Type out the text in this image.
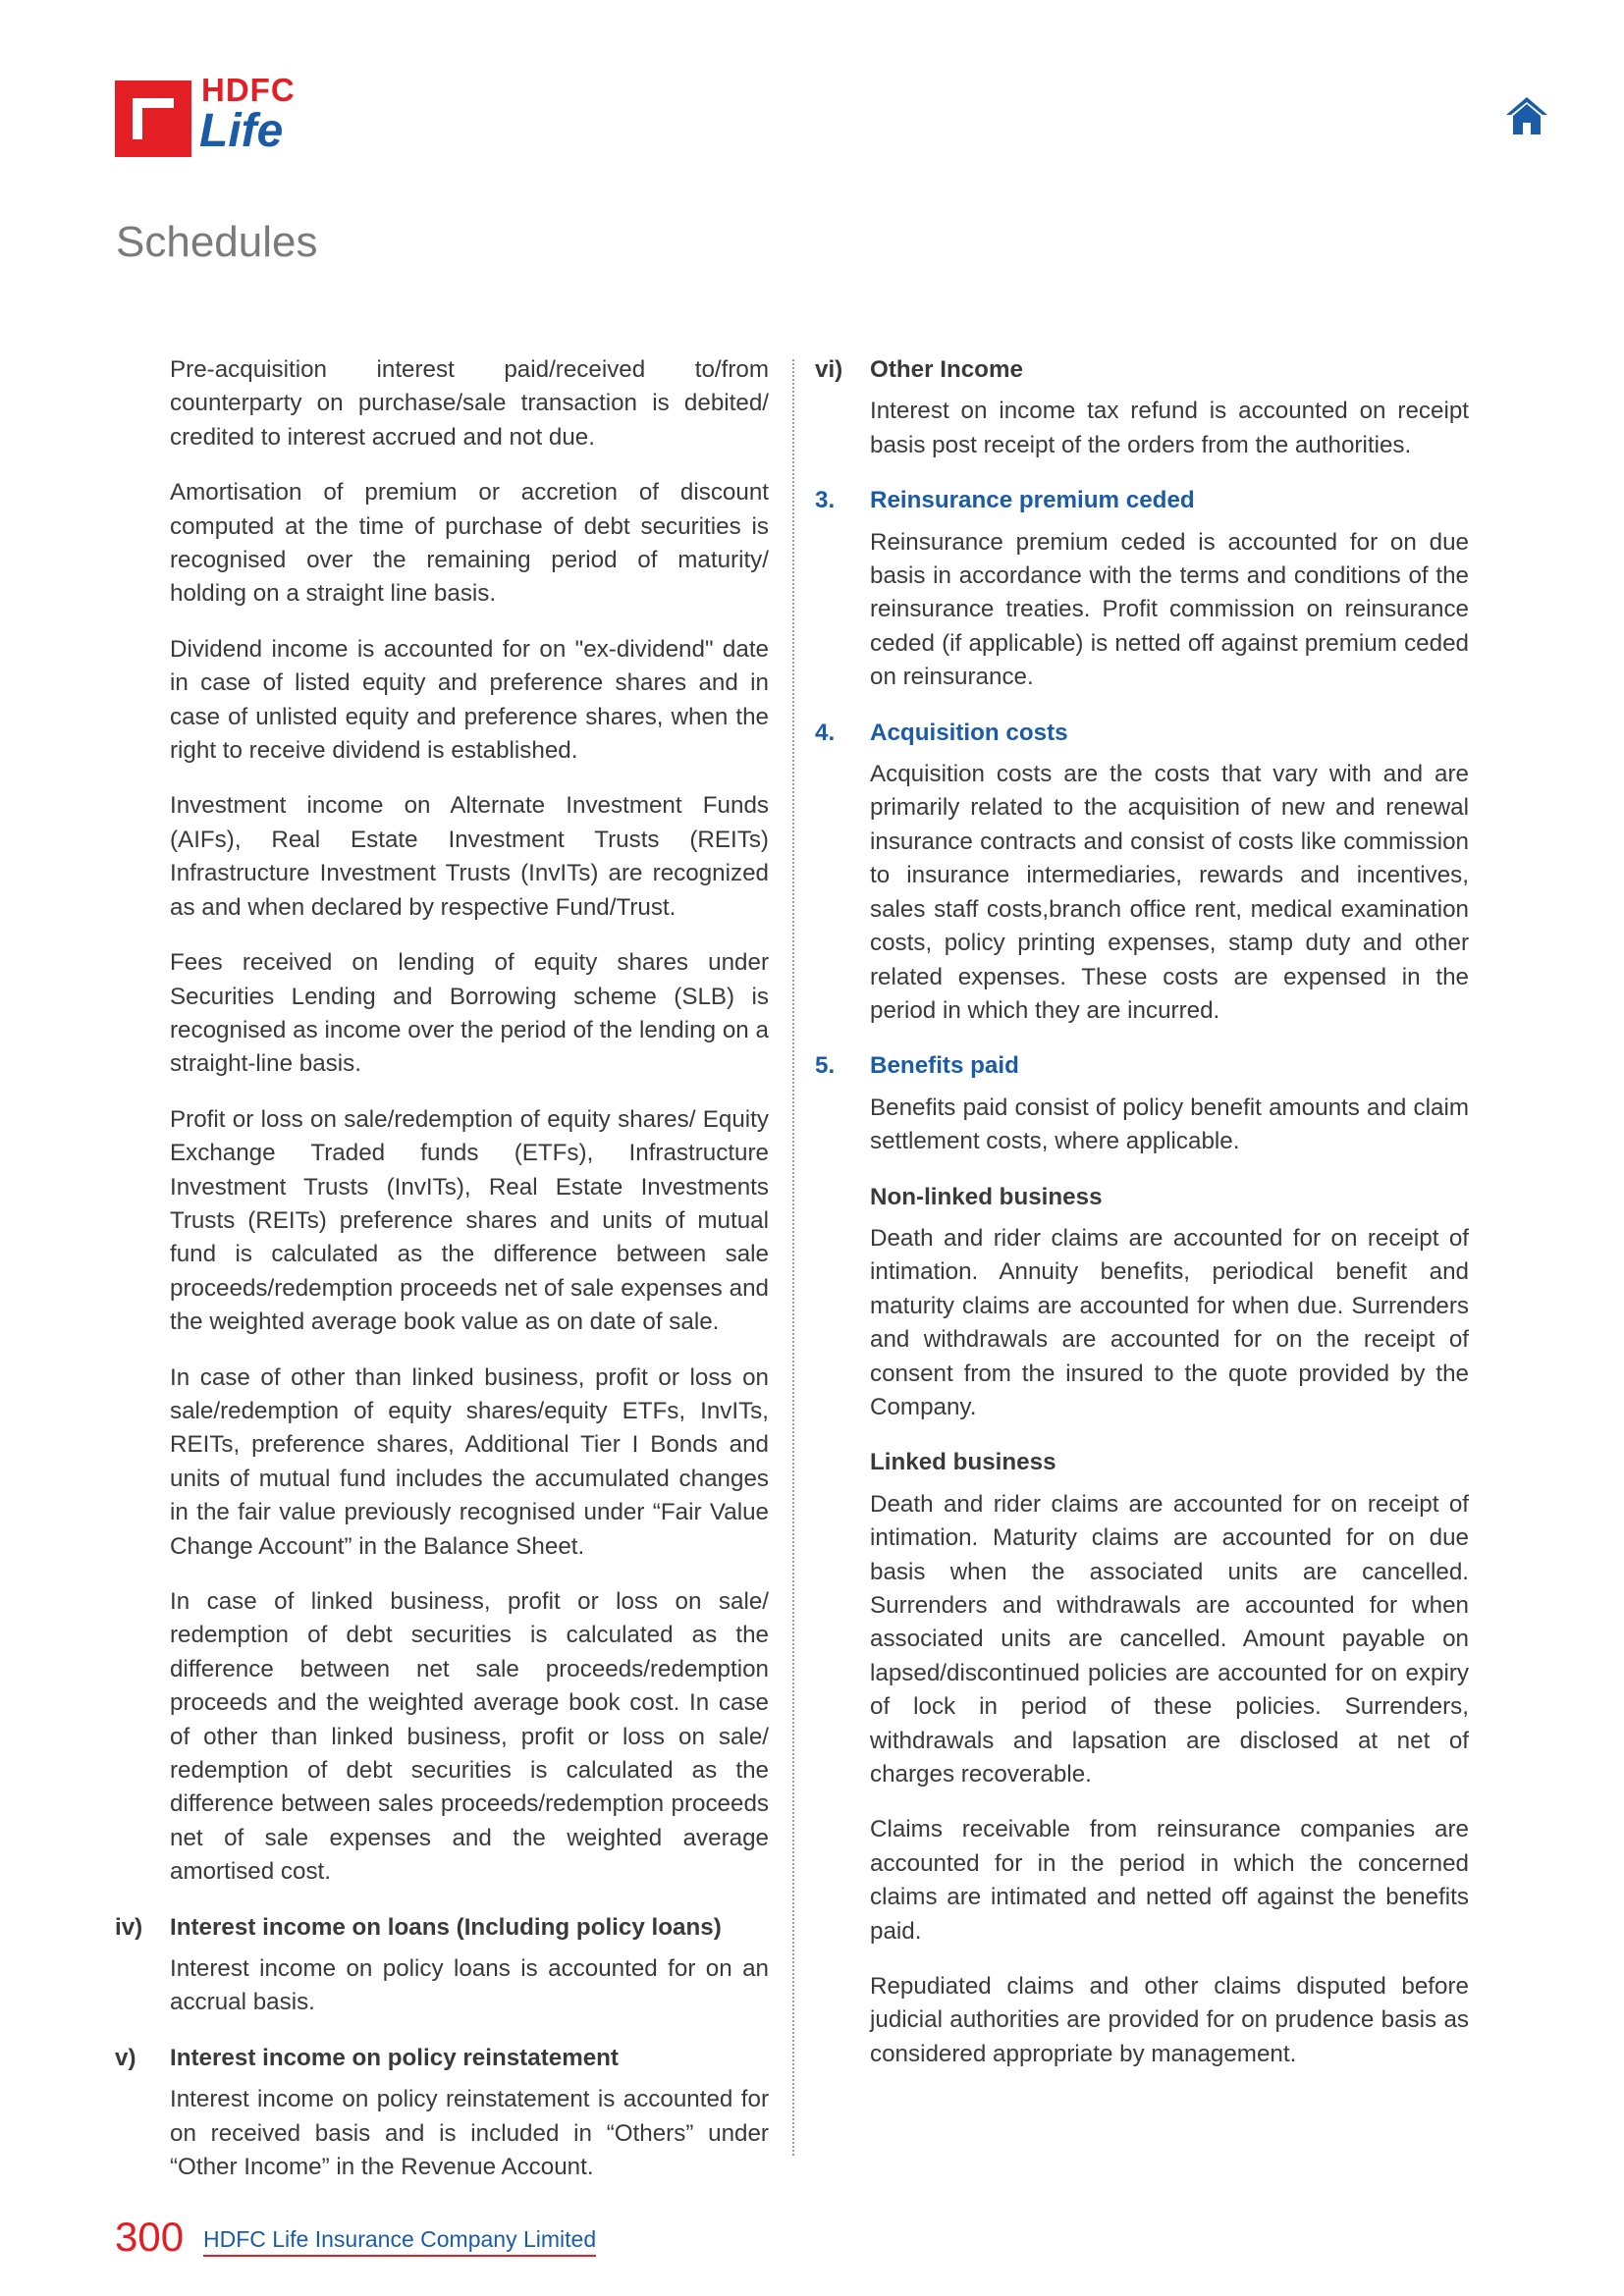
HDFC
Life
Schedules

Pre-acquisition interest paid/received to/from counterparty on purchase/sale transaction is debited/ credited to interest accrued and not due.

Amortisation of premium or accretion of discount computed at the time of purchase of debt securities is recognised over the remaining period of maturity/ holding on a straight line basis.

Dividend income is accounted for on "ex-dividend" date in case of listed equity and preference shares and in case of unlisted equity and preference shares, when the right to receive dividend is established.

Investment income on Alternate Investment Funds (AIFs), Real Estate Investment Trusts (REITs) Infrastructure Investment Trusts (InvITs) are recognized as and when declared by respective Fund/Trust.

Fees received on lending of equity shares under Securities Lending and Borrowing scheme (SLB) is recognised as income over the period of the lending on a straight-line basis.

Profit or loss on sale/redemption of equity shares/ Equity Exchange Traded funds (ETFs), Infrastructure Investment Trusts (InvITs), Real Estate Investments Trusts (REITs) preference shares and units of mutual fund is calculated as the difference between sale proceeds/redemption proceeds net of sale expenses and the weighted average book value as on date of sale.

In case of other than linked business, profit or loss on sale/redemption of equity shares/equity ETFs, InvITs, REITs, preference shares, Additional Tier I Bonds and units of mutual fund includes the accumulated changes in the fair value previously recognised under “Fair Value Change Account” in the Balance Sheet.

In case of linked business, profit or loss on sale/ redemption of debt securities is calculated as the difference between net sale proceeds/redemption proceeds and the weighted average book cost. In case of other than linked business, profit or loss on sale/ redemption of debt securities is calculated as the difference between sales proceeds/redemption proceeds net of sale expenses and the weighted average amortised cost.

iv) Interest income on loans (Including policy loans)

Interest income on policy loans is accounted for on an accrual basis.

v) Interest income on policy reinstatement

Interest income on policy reinstatement is accounted for on received basis and is included in “Others” under “Other Income” in the Revenue Account.

vi) Other Income

Interest on income tax refund is accounted on receipt basis post receipt of the orders from the authorities.

3. Reinsurance premium ceded

Reinsurance premium ceded is accounted for on due basis in accordance with the terms and conditions of the reinsurance treaties. Profit commission on reinsurance ceded (if applicable) is netted off against premium ceded on reinsurance.

4. Acquisition costs

Acquisition costs are the costs that vary with and are primarily related to the acquisition of new and renewal insurance contracts and consist of costs like commission to insurance intermediaries, rewards and incentives, sales staff costs,branch office rent, medical examination costs, policy printing expenses, stamp duty and other related expenses. These costs are expensed in the period in which they are incurred.

5. Benefits paid

Benefits paid consist of policy benefit amounts and claim settlement costs, where applicable.

Non-linked business

Death and rider claims are accounted for on receipt of intimation. Annuity benefits, periodical benefit and maturity claims are accounted for when due. Surrenders and withdrawals are accounted for on the receipt of consent from the insured to the quote provided by the Company.

Linked business

Death and rider claims are accounted for on receipt of intimation. Maturity claims are accounted for on due basis when the associated units are cancelled. Surrenders and withdrawals are accounted for when associated units are cancelled. Amount payable on lapsed/discontinued policies are accounted for on expiry of lock in period of these policies. Surrenders, withdrawals and lapsation are disclosed at net of charges recoverable.

Claims receivable from reinsurance companies are accounted for in the period in which the concerned claims are intimated and netted off against the benefits paid.

Repudiated claims and other claims disputed before judicial authorities are provided for on prudence basis as considered appropriate by management.

300 HDFC Life Insurance Company Limited
